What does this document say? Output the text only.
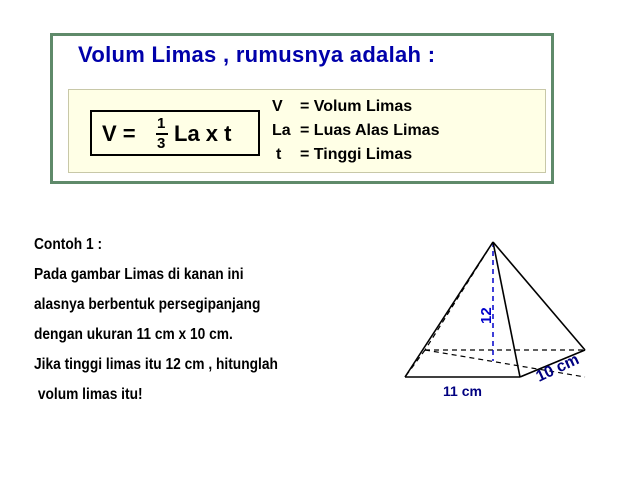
Volum Limas , rumusnya adalah :
V = 1
3 La x t
V = Volum Limas
La = Luas Alas Limas
t = Tinggi Limas
Contoh 1 :
Pada gambar Limas di kanan ini
alasnya berbentuk persegipanjang
dengan ukuran 11 cm x 10 cm.
Jika tinggi limas itu 12 cm , hitunglah
volum limas itu!
12
11 cm
10 cm
